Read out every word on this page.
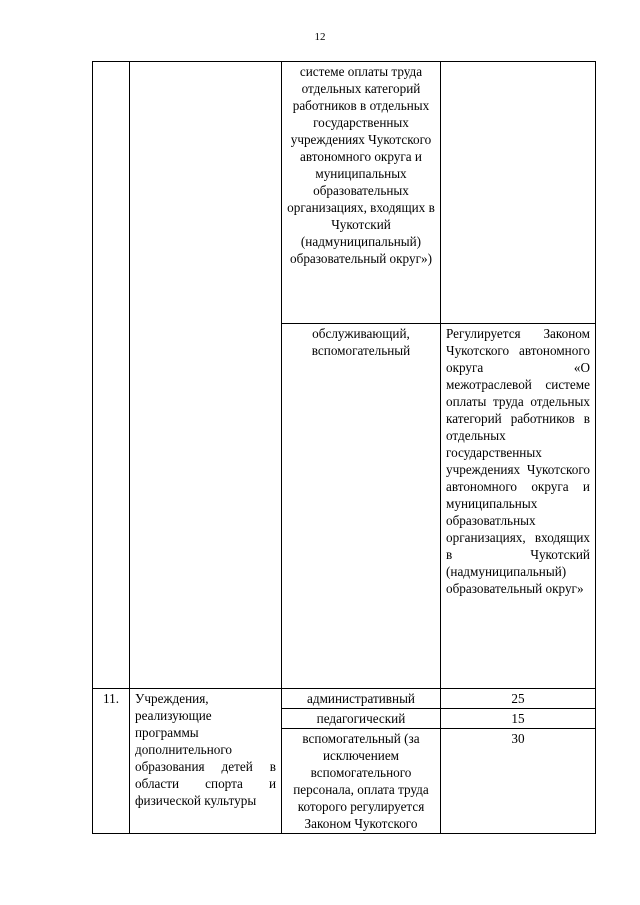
12

		системе оплаты труда отдельных категорий работников в отдельных государственных учреждениях Чукотского автономного округа и муниципальных образовательных организациях, входящих в Чукотский (надмуниципальный) образовательный округ»)	

		обслуживающий, вспомогательный	Регулируется Законом Чукотского автономного округа «О межотраслевой системе оплаты труда отдельных категорий работников в отдельных государственных учреждениях Чукотского автономного округа и муниципальных образоватльных организациях, входящих в Чукотский (надмуниципальный) образовательный округ»

11.	Учреждения, реализующие программы дополнительного образования детей в области спорта и физической культуры	административный	25

		педагогический	15

		вспомогательный (за исключением вспомогательного персонала, оплата труда которого регулируется Законом Чукотского	30
